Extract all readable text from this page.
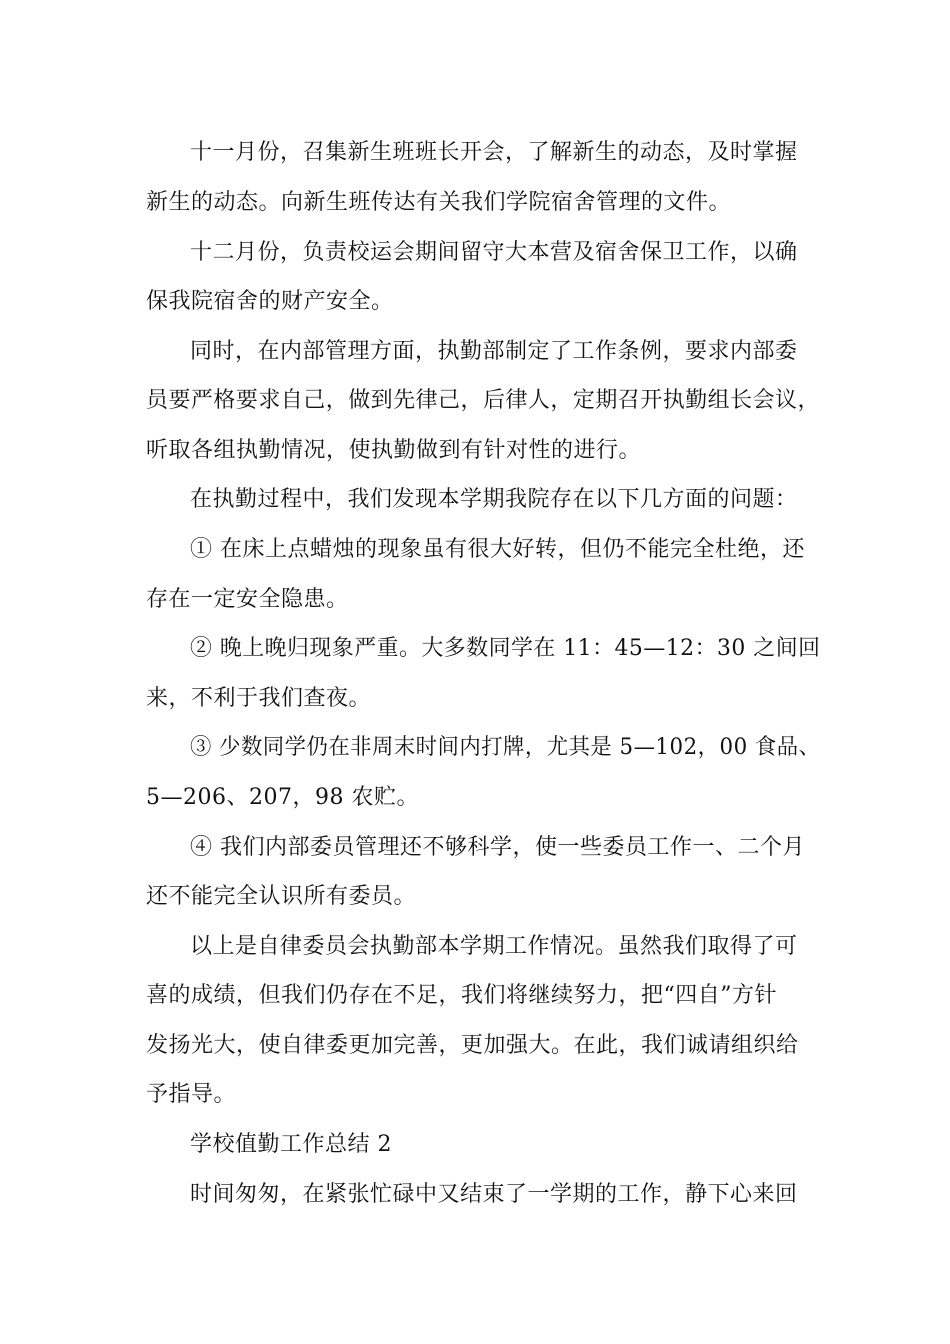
十一月份，召集新生班班长开会，了解新生的动态，及时掌握
新生的动态。向新生班传达有关我们学院宿舍管理的文件。
十二月份，负责校运会期间留守大本营及宿舍保卫工作，以确
保我院宿舍的财产安全。
同时，在内部管理方面，执勤部制定了工作条例，要求内部委
员要严格要求自己，做到先律己，后律人，定期召开执勤组长会议，
听取各组执勤情况，使执勤做到有针对性的进行。
在执勤过程中，我们发现本学期我院存在以下几方面的问题：
① 在床上点蜡烛的现象虽有很大好转，但仍不能完全杜绝，还
存在一定安全隐患。
② 晚上晚归现象严重。大多数同学在 11：45—12：30 之间回
来，不利于我们查夜。
③ 少数同学仍在非周末时间内打牌，尤其是 5—102，00 食品、
5—206、207，98 农贮。
④ 我们内部委员管理还不够科学，使一些委员工作一、二个月
还不能完全认识所有委员。
以上是自律委员会执勤部本学期工作情况。虽然我们取得了可
喜的成绩，但我们仍存在不足，我们将继续努力，把“四自”方针
发扬光大，使自律委更加完善，更加强大。在此，我们诚请组织给
予指导。
学校值勤工作总结 2
时间匆匆，在紧张忙碌中又结束了一学期的工作，静下心来回
